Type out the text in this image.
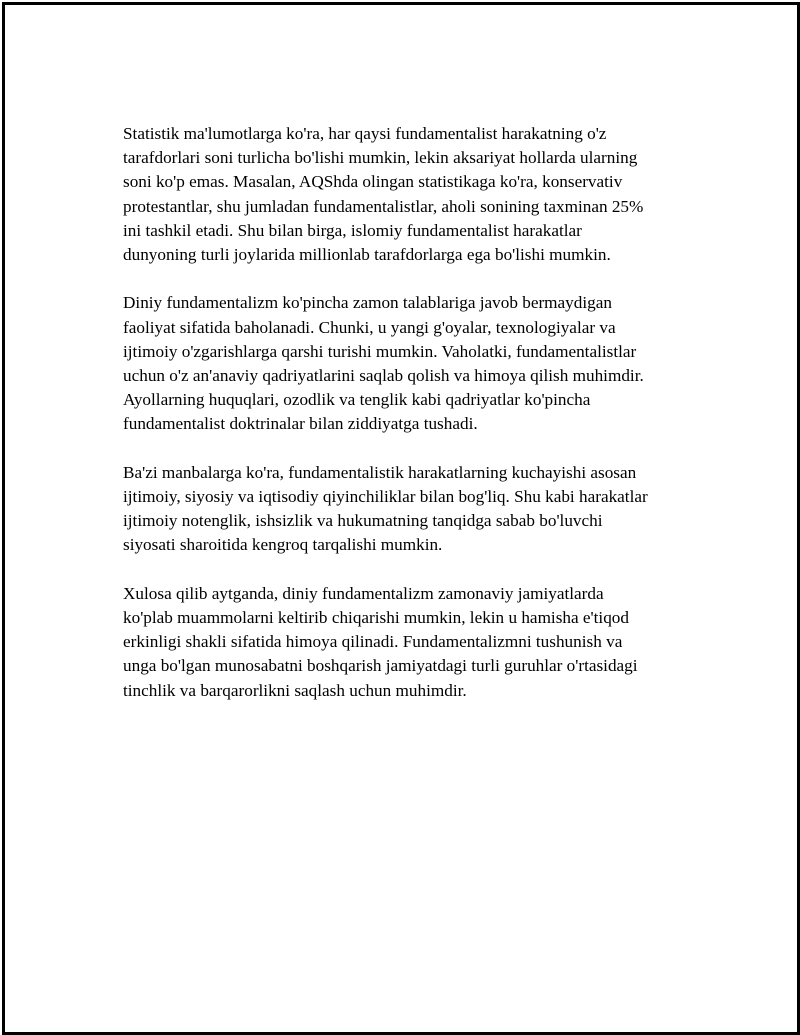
Statistik ma'lumotlarga ko'ra, har qaysi fundamentalist harakatning o'z
tarafdorlari soni turlicha bo'lishi mumkin, lekin aksariyat hollarda ularning
soni ko'p emas. Masalan, AQShda olingan statistikaga ko'ra, konservativ
protestantlar, shu jumladan fundamentalistlar, aholi sonining taxminan 25%
ini tashkil etadi. Shu bilan birga, islomiy fundamentalist harakatlar
dunyoning turli joylarida millionlab tarafdorlarga ega bo'lishi mumkin.

Diniy fundamentalizm ko'pincha zamon talablariga javob bermaydigan
faoliyat sifatida baholanadi. Chunki, u yangi g'oyalar, texnologiyalar va
ijtimoiy o'zgarishlarga qarshi turishi mumkin. Vaholatki, fundamentalistlar
uchun o'z an'anaviy qadriyatlarini saqlab qolish va himoya qilish muhimdir.
Ayollarning huquqlari, ozodlik va tenglik kabi qadriyatlar ko'pincha
fundamentalist doktrinalar bilan ziddiyatga tushadi.

Ba'zi manbalarga ko'ra, fundamentalistik harakatlarning kuchayishi asosan
ijtimoiy, siyosiy va iqtisodiy qiyinchiliklar bilan bog'liq. Shu kabi harakatlar
ijtimoiy notenglik, ishsizlik va hukumatning tanqidga sabab bo'luvchi
siyosati sharoitida kengroq tarqalishi mumkin.

Xulosa qilib aytganda, diniy fundamentalizm zamonaviy jamiyatlarda
ko'plab muammolarni keltirib chiqarishi mumkin, lekin u hamisha e'tiqod
erkinligi shakli sifatida himoya qilinadi. Fundamentalizmni tushunish va
unga bo'lgan munosabatni boshqarish jamiyatdagi turli guruhlar o'rtasidagi
tinchlik va barqarorlikni saqlash uchun muhimdir.
